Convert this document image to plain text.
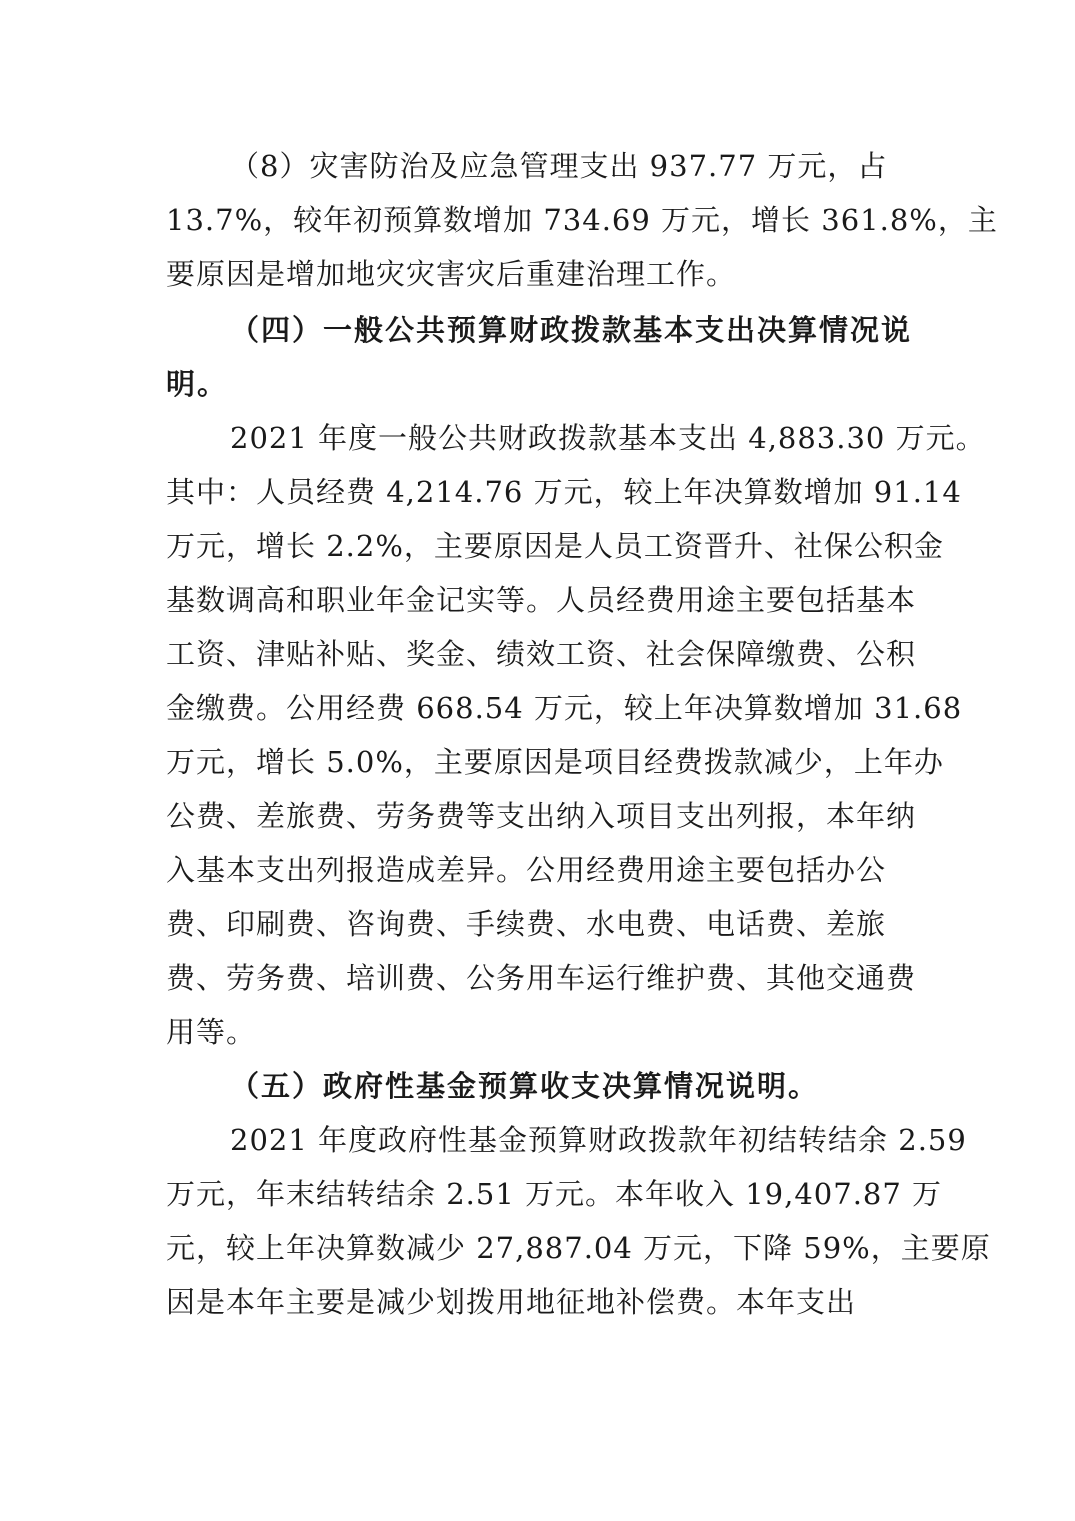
（8）灾害防治及应急管理支出 937.77 万元，占
13.7%，较年初预算数增加 734.69 万元，增长 361.8%，主
要原因是增加地灾灾害灾后重建治理工作。
（四）一般公共预算财政拨款基本支出决算情况说
明。
2021 年度一般公共财政拨款基本支出 4,883.30 万元。
其中：人员经费 4,214.76 万元，较上年决算数增加 91.14
万元，增长 2.2%，主要原因是人员工资晋升、社保公积金
基数调高和职业年金记实等。人员经费用途主要包括基本
工资、津贴补贴、奖金、绩效工资、社会保障缴费、公积
金缴费。公用经费 668.54 万元，较上年决算数增加 31.68
万元，增长 5.0%，主要原因是项目经费拨款减少，上年办
公费、差旅费、劳务费等支出纳入项目支出列报，本年纳
入基本支出列报造成差异。公用经费用途主要包括办公
费、印刷费、咨询费、手续费、水电费、电话费、差旅
费、劳务费、培训费、公务用车运行维护费、其他交通费
用等。
（五）政府性基金预算收支决算情况说明。
2021 年度政府性基金预算财政拨款年初结转结余 2.59
万元，年末结转结余 2.51 万元。本年收入 19,407.87 万
元，较上年决算数减少 27,887.04 万元，下降 59%，主要原
因是本年主要是减少划拨用地征地补偿费。本年支出
